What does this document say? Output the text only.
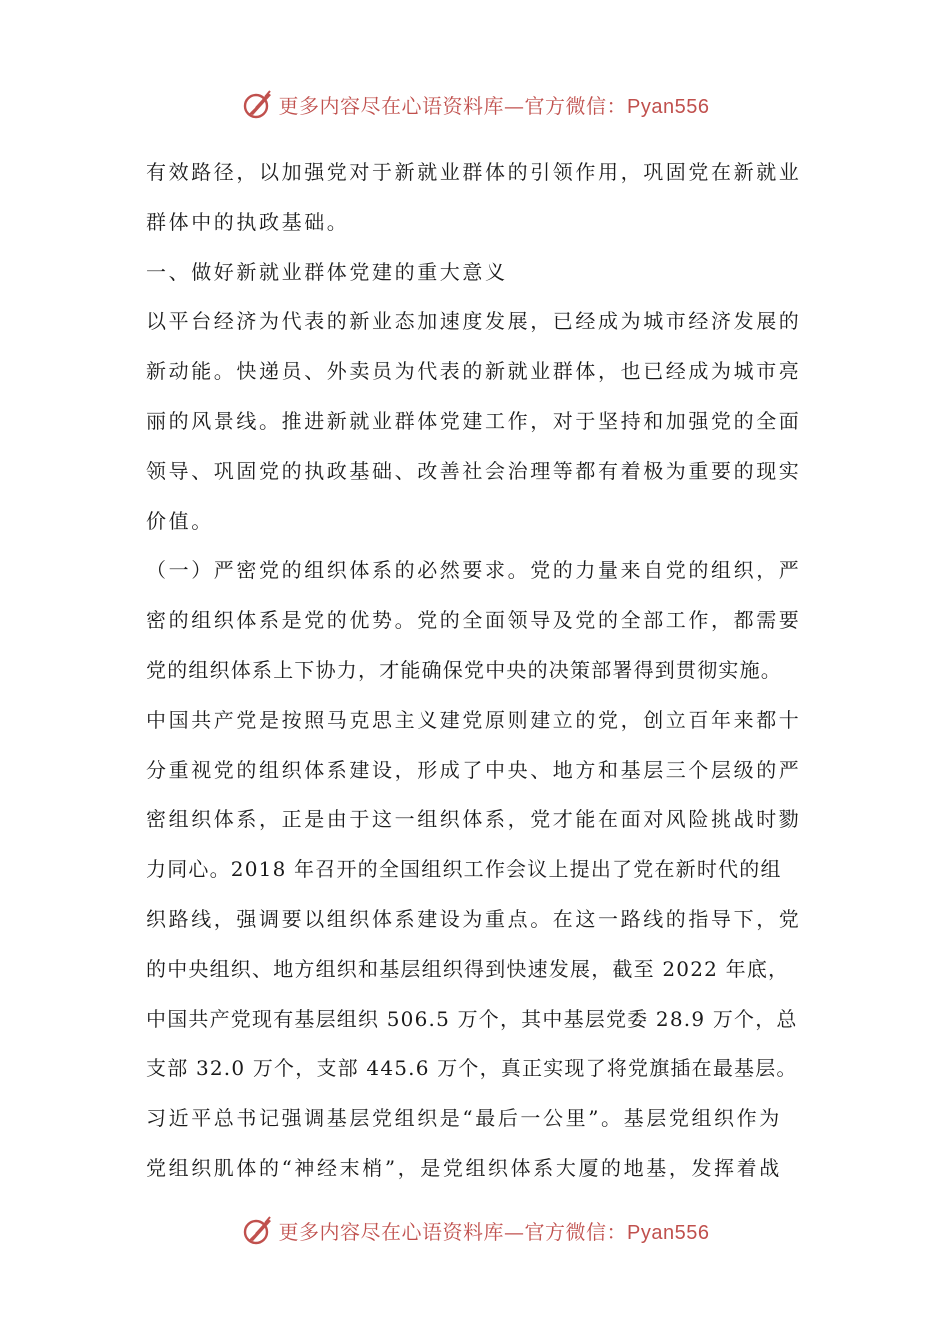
更多内容尽在心语资料库—官方微信：Pyan556

有效路径，以加强党对于新就业群体的引领作用，巩固党在新就业

群体中的执政基础。

一、做好新就业群体党建的重大意义

以平台经济为代表的新业态加速度发展，已经成为城市经济发展的

新动能。快递员、外卖员为代表的新就业群体，也已经成为城市亮

丽的风景线。推进新就业群体党建工作，对于坚持和加强党的全面

领导、巩固党的执政基础、改善社会治理等都有着极为重要的现实

价值。

（一）严密党的组织体系的必然要求。党的力量来自党的组织，严

密的组织体系是党的优势。党的全面领导及党的全部工作，都需要

党的组织体系上下协力，才能确保党中央的决策部署得到贯彻实施。

中国共产党是按照马克思主义建党原则建立的党，创立百年来都十

分重视党的组织体系建设，形成了中央、地方和基层三个层级的严

密组织体系，正是由于这一组织体系，党才能在面对风险挑战时勠

力同心。2018 年召开的全国组织工作会议上提出了党在新时代的组

织路线，强调要以组织体系建设为重点。在这一路线的指导下，党

的中央组织、地方组织和基层组织得到快速发展，截至 2022 年底，

中国共产党现有基层组织 506.5 万个，其中基层党委 28.9 万个，总

支部 32.0 万个，支部 445.6 万个，真正实现了将党旗插在最基层。

习近平总书记强调基层党组织是“最后一公里”。基层党组织作为

党组织肌体的“神经末梢”，是党组织体系大厦的地基，发挥着战

更多内容尽在心语资料库—官方微信：Pyan556
